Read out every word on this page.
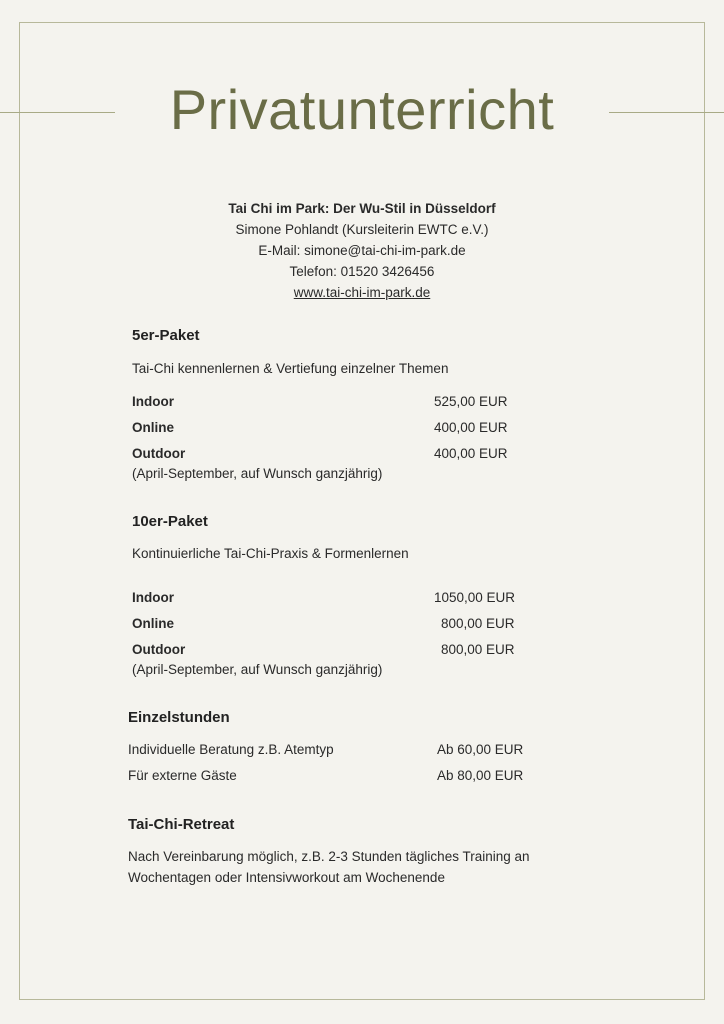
Privatunterricht
Tai Chi im Park: Der Wu-Stil in Düsseldorf
Simone Pohlandt (Kursleiterin EWTC e.V.)
E-Mail: simone@tai-chi-im-park.de
Telefon: 01520 3426456
www.tai-chi-im-park.de
5er-Paket
Tai-Chi kennenlernen & Vertiefung einzelner Themen
Indoor	525,00 EUR
Online	400,00 EUR
Outdoor	400,00 EUR
(April-September, auf Wunsch ganzjährig)
10er-Paket
Kontinuierliche Tai-Chi-Praxis & Formenlernen
Indoor	1050,00 EUR
Online	800,00 EUR
Outdoor	800,00 EUR
(April-September, auf Wunsch ganzjährig)
Einzelstunden
Individuelle Beratung z.B. Atemtyp	Ab 60,00 EUR
Für externe Gäste	Ab 80,00 EUR
Tai-Chi-Retreat
Nach Vereinbarung möglich, z.B. 2-3 Stunden tägliches Training an
Wochentagen oder Intensivworkout am Wochenende
